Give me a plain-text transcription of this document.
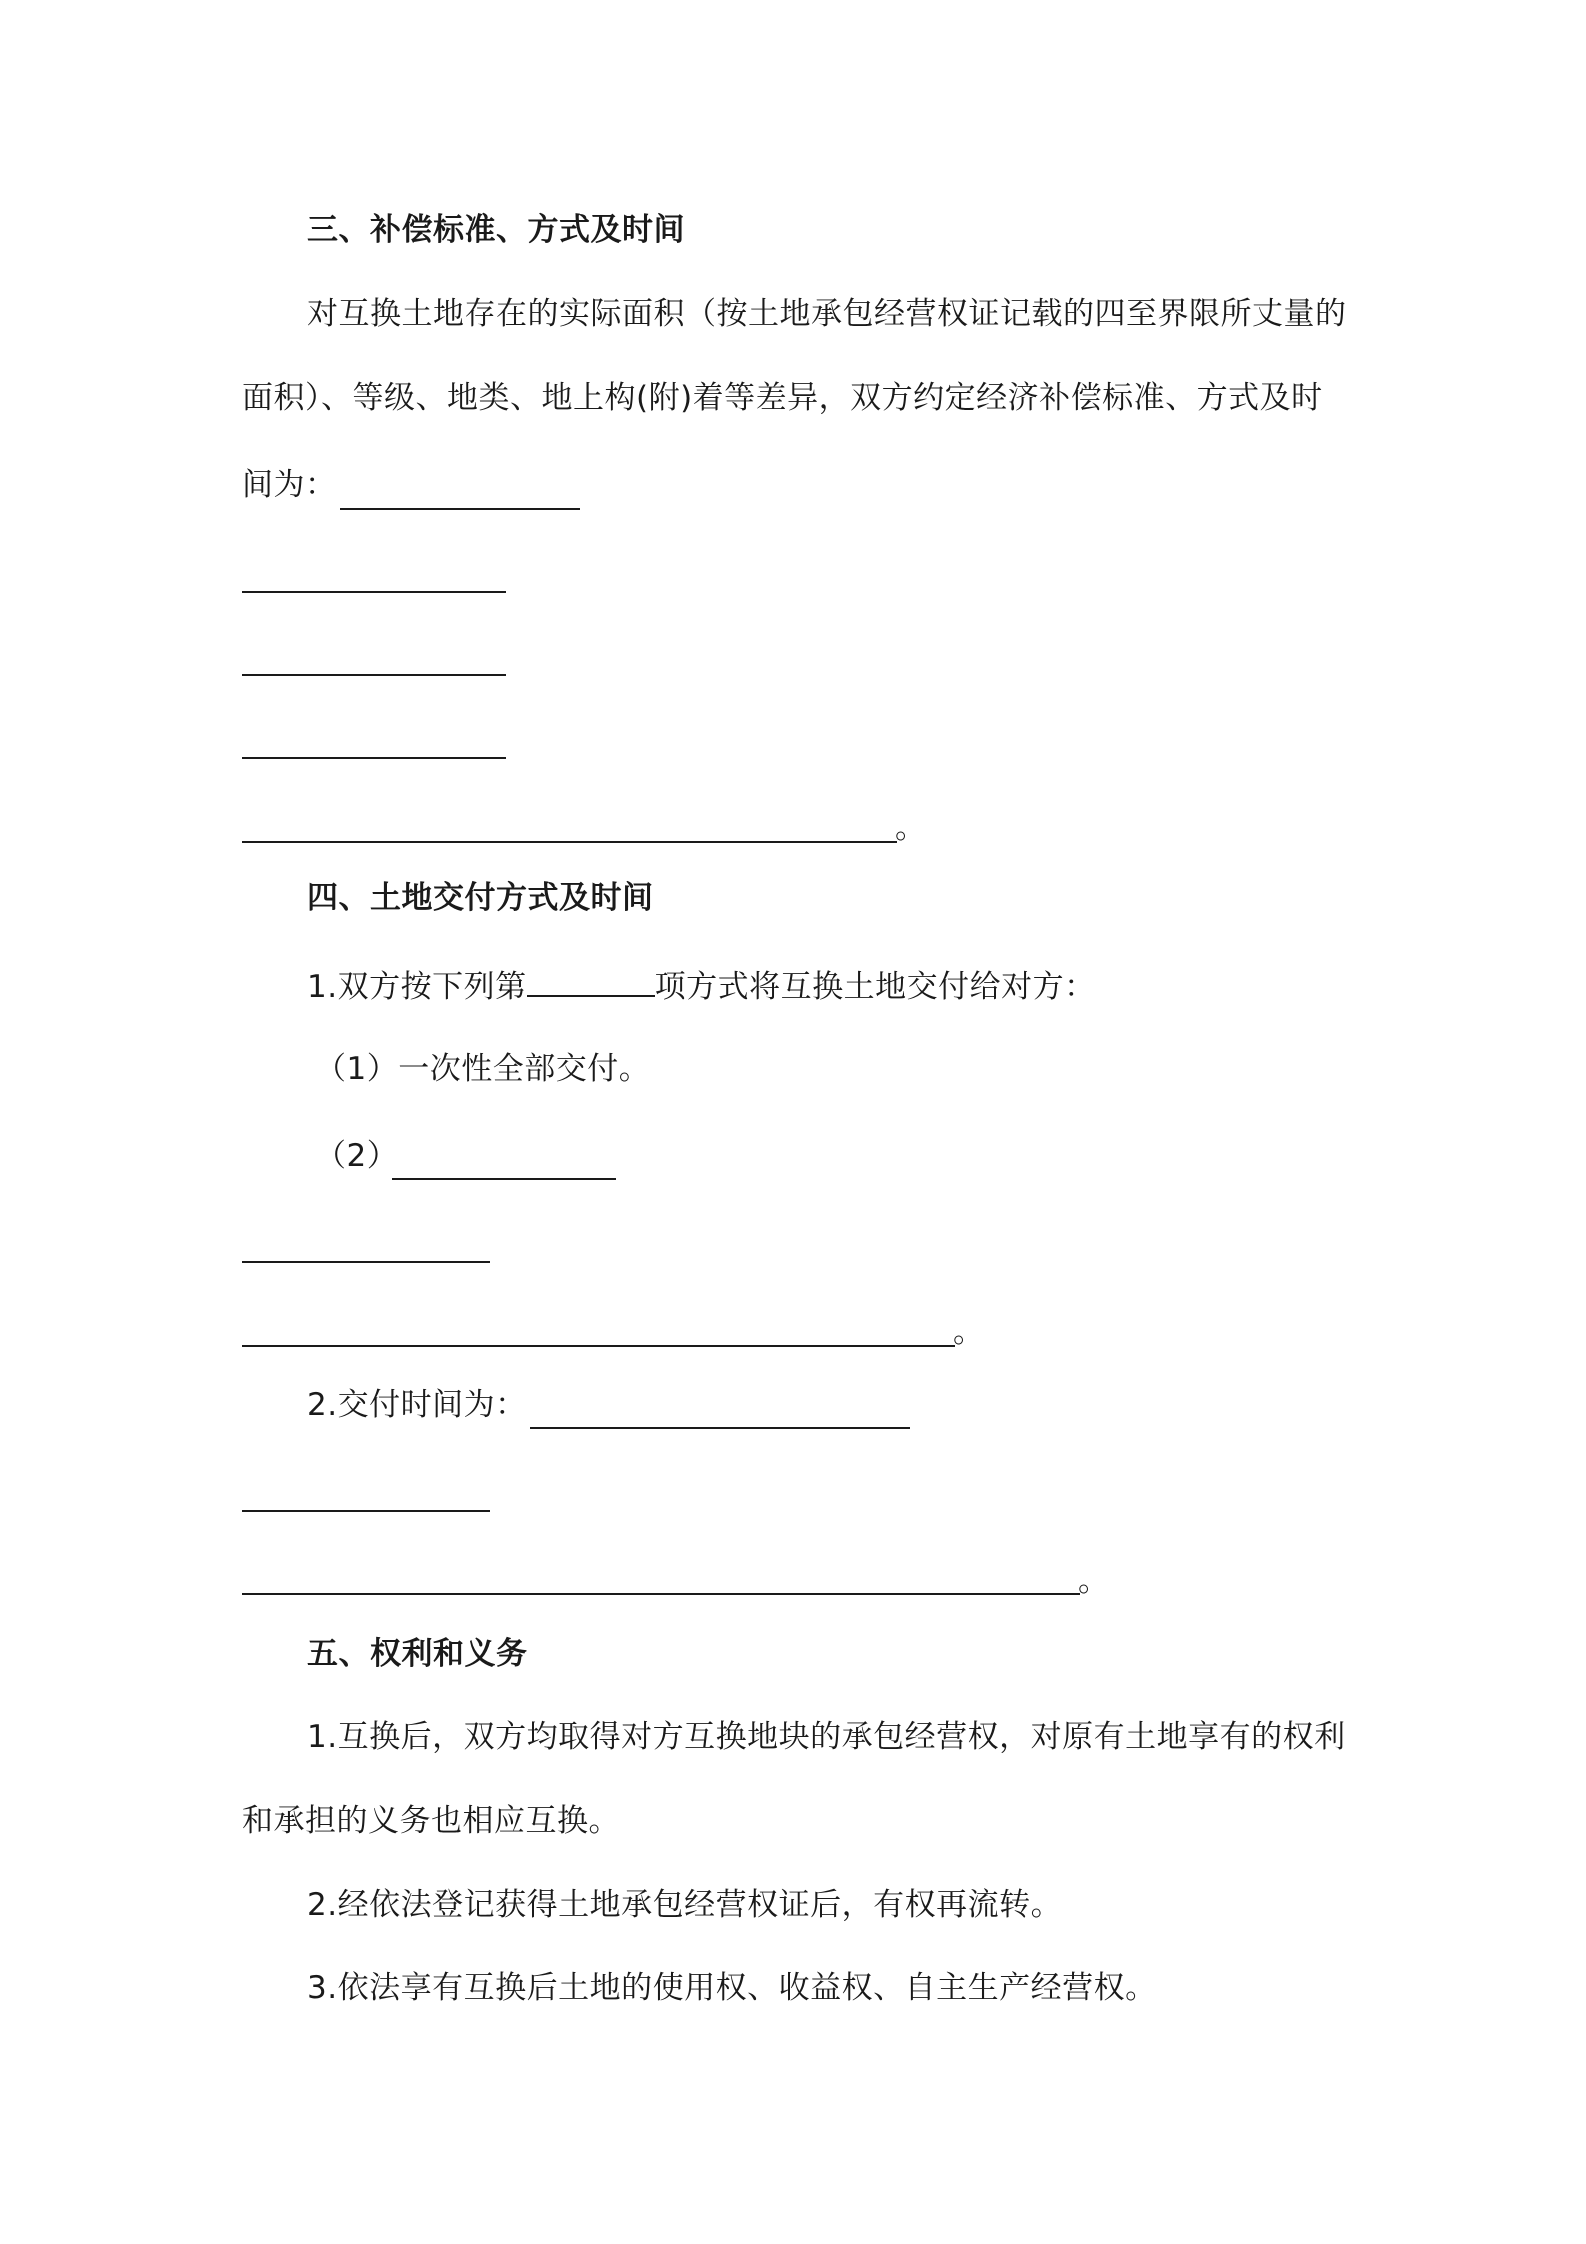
三、补偿标准、方式及时间
对互换土地存在的实际面积（按土地承包经营权证记载的四至界限所丈量的
面积）、等级、地类、地上构(附)着等差异，双方约定经济补偿标准、方式及时
间为：
。
四、土地交付方式及时间
1.双方按下列第	项方式将互换土地交付给对方：
（1）一次性全部交付。
（2）
。
2.交付时间为：
。
五、权利和义务
1.互换后，双方均取得对方互换地块的承包经营权，对原有土地享有的权利
和承担的义务也相应互换。
2.经依法登记获得土地承包经营权证后，有权再流转。
3.依法享有互换后土地的使用权、收益权、自主生产经营权。
